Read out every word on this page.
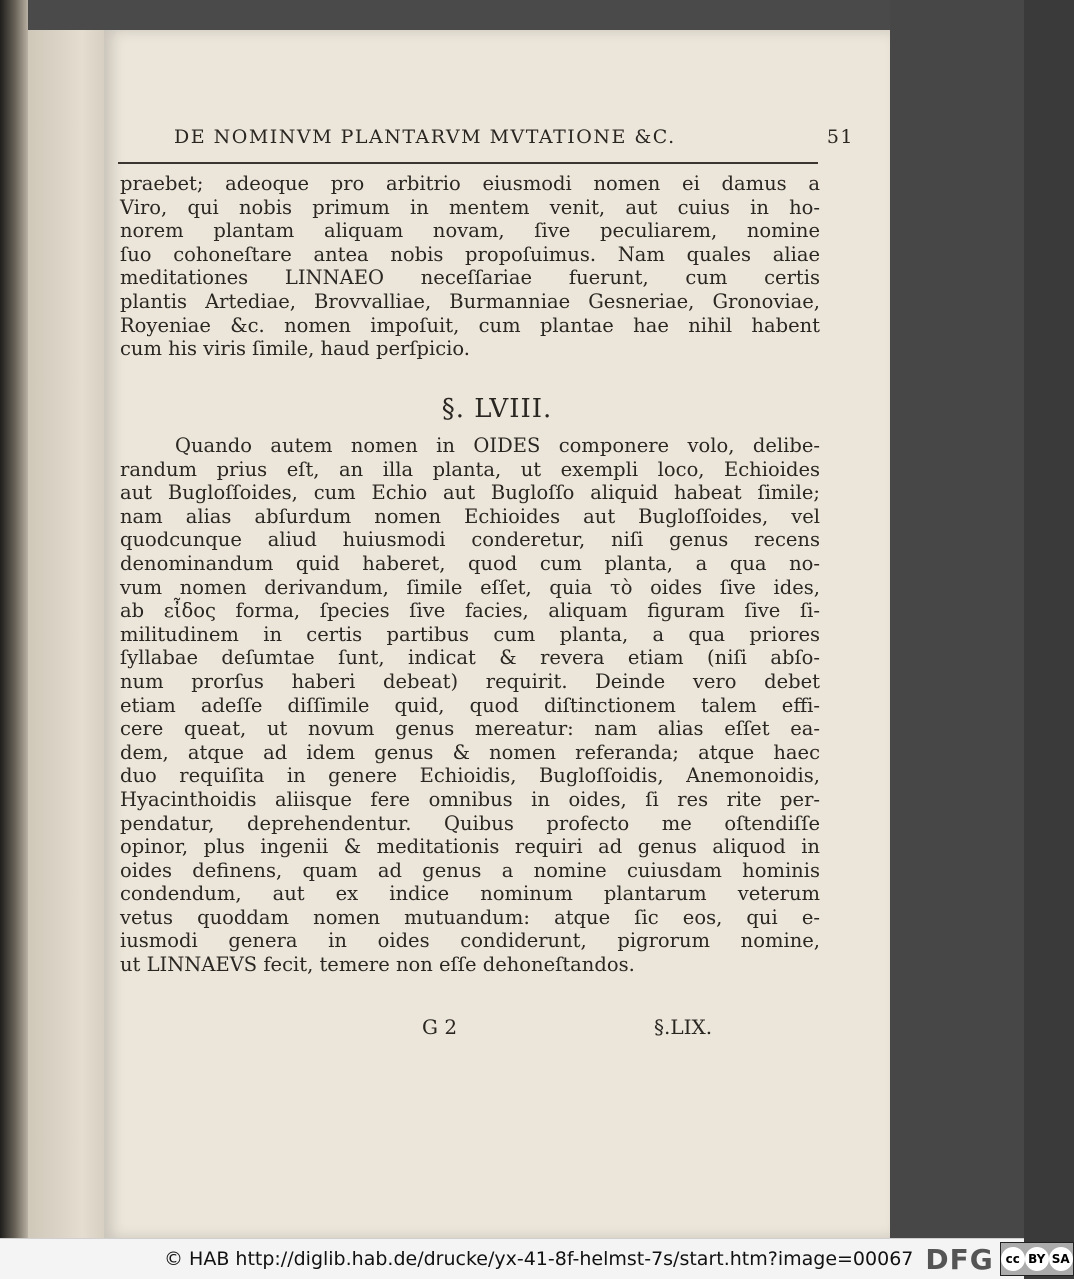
DE NOMINVM PLANTARVM MVTATIONE &C.	51
praebet; adeoque pro arbitrio eiusmodi nomen ei damus a
Viro, qui nobis primum in mentem venit, aut cuius in ho-
norem plantam aliquam novam, ſive peculiarem, nomine
ſuo cohoneſtare antea nobis propoſuimus. Nam quales aliae
meditationes LINNAEO neceſſariae fuerunt, cum certis
plantis Artediae, Brovvalliae, Burmanniae Gesneriae, Gronoviae,
Royeniae &c. nomen impoſuit, cum plantae hae nihil habent
cum his viris ſimile, haud perſpicio.
§. LVIII.
Quando autem nomen in OIDES componere volo, delibe-
randum prius eſt, an illa planta, ut exempli loco, Echioides
aut Bugloſſoides, cum Echio aut Bugloſſo aliquid habeat ſimile;
nam alias abſurdum nomen Echioides aut Bugloſſoides, vel
quodcunque aliud huiusmodi conderetur, niſi genus recens
denominandum quid haberet, quod cum planta, a qua no-
vum nomen derivandum, ſimile eſſet, quia τὸ oides ſive ides,
ab εἶδος forma, ſpecies ſive facies, aliquam figuram ſive ſi-
militudinem in certis partibus cum planta, a qua priores
ſyllabae deſumtae ſunt, indicat & revera etiam (niſi abſo-
num prorſus haberi debeat) requirit. Deinde vero debet
etiam adeſſe diſſimile quid, quod diſtinctionem talem effi-
cere queat, ut novum genus mereatur: nam alias eſſet ea-
dem, atque ad idem genus & nomen referanda; atque haec
duo requiſita in genere Echioidis, Bugloſſoidis, Anemonoidis,
Hyacinthoidis aliisque fere omnibus in oides, ſi res rite per-
pendatur, deprehendentur. Quibus profecto me oſtendiſſe
opinor, plus ingenii & meditationis requiri ad genus aliquod in
oides definens, quam ad genus a nomine cuiusdam hominis
condendum, aut ex indice nominum plantarum veterum
vetus quoddam nomen mutuandum: atque ſic eos, qui e-
iusmodi genera in oides condiderunt, pigrorum nomine,
ut LINNAEVS fecit, temere non eſſe dehoneſtandos.
G 2	§.LIX.
© HAB http://diglib.hab.de/drucke/yx-41-8f-helmst-7s/start.htm?image=00067 DFG cc BY SA
